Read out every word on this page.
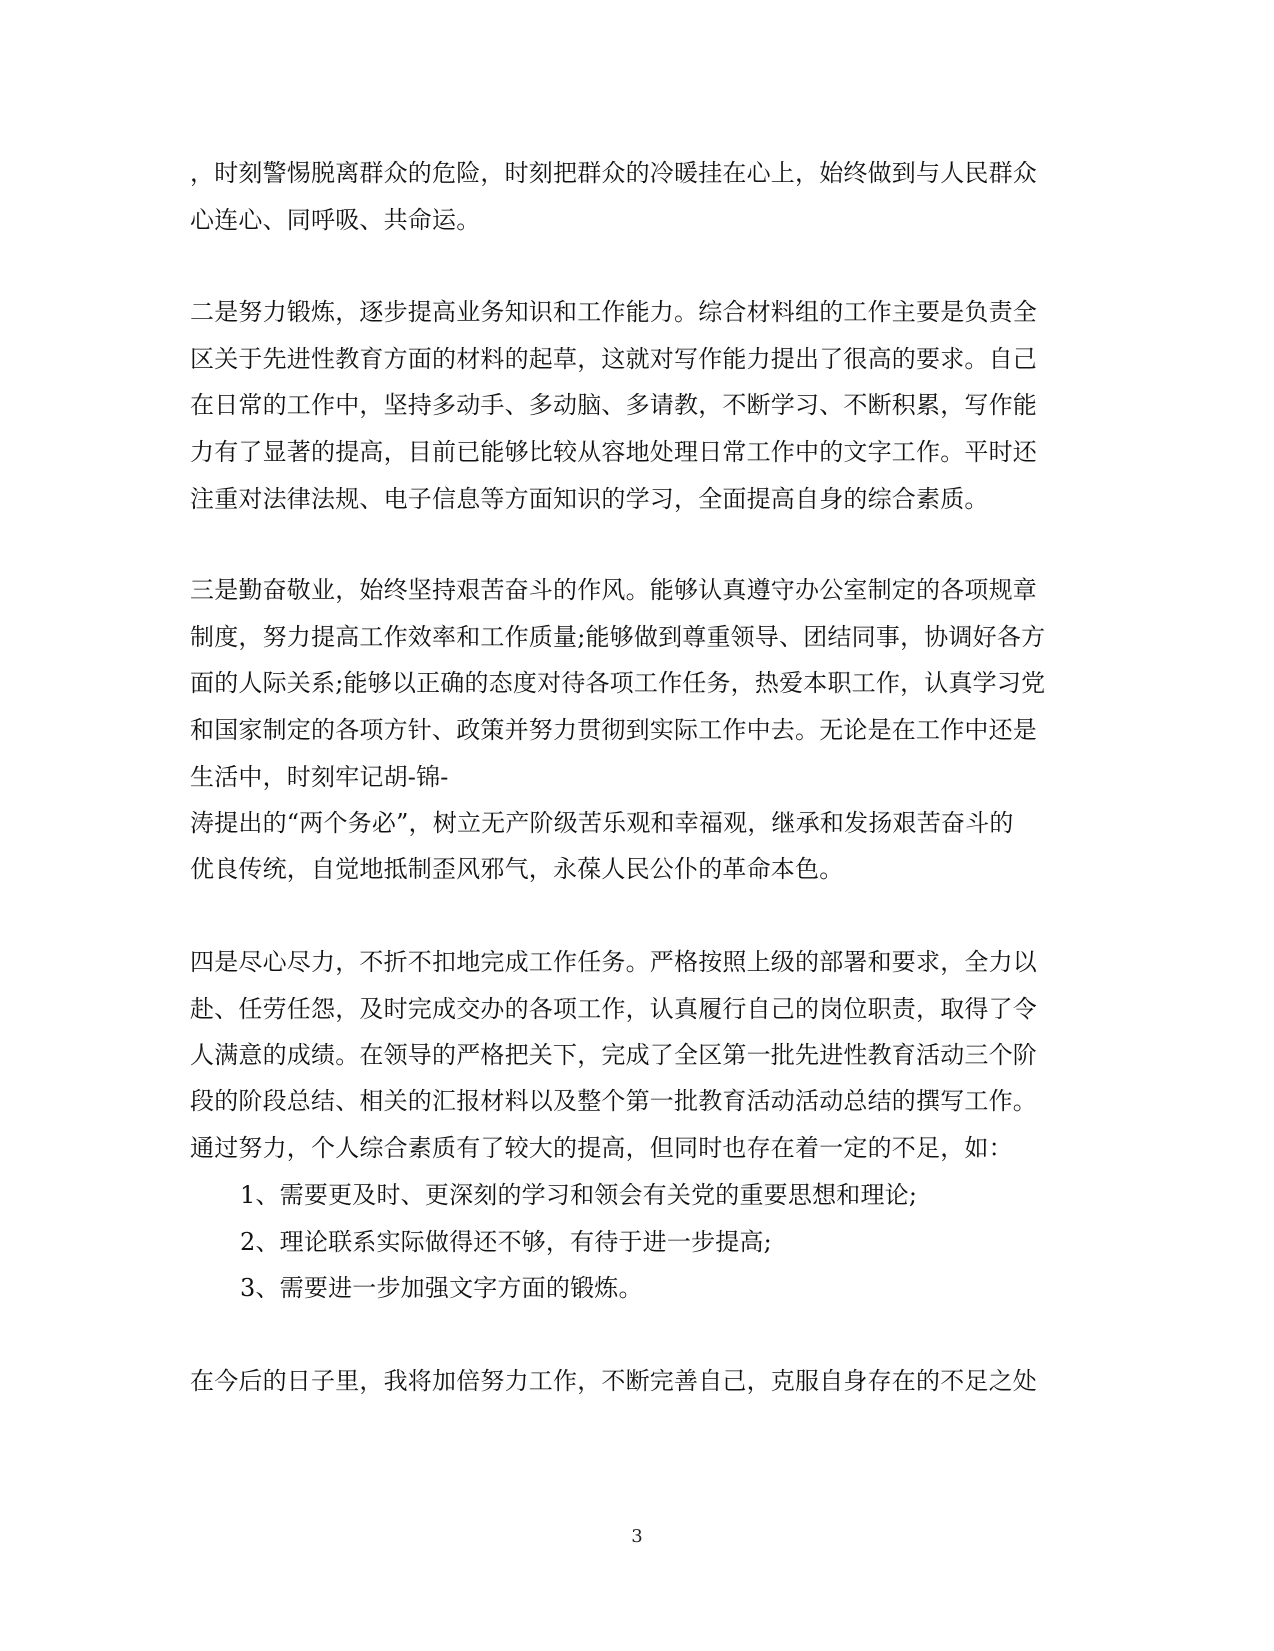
，时刻警惕脱离群众的危险，时刻把群众的冷暖挂在心上，始终做到与人民群众
心连心、同呼吸、共命运。
二是努力锻炼，逐步提高业务知识和工作能力。综合材料组的工作主要是负责全
区关于先进性教育方面的材料的起草，这就对写作能力提出了很高的要求。自己
在日常的工作中，坚持多动手、多动脑、多请教，不断学习、不断积累，写作能
力有了显著的提高，目前已能够比较从容地处理日常工作中的文字工作。平时还
注重对法律法规、电子信息等方面知识的学习，全面提高自身的综合素质。
三是勤奋敬业，始终坚持艰苦奋斗的作风。能够认真遵守办公室制定的各项规章
制度，努力提高工作效率和工作质量;能够做到尊重领导、团结同事，协调好各方
面的人际关系;能够以正确的态度对待各项工作任务，热爱本职工作，认真学习党
和国家制定的各项方针、政策并努力贯彻到实际工作中去。无论是在工作中还是
生活中，时刻牢记胡-锦-
涛提出的“两个务必”，树立无产阶级苦乐观和幸福观，继承和发扬艰苦奋斗的
优良传统，自觉地抵制歪风邪气，永葆人民公仆的革命本色。
四是尽心尽力，不折不扣地完成工作任务。严格按照上级的部署和要求，全力以
赴、任劳任怨，及时完成交办的各项工作，认真履行自己的岗位职责，取得了令
人满意的成绩。在领导的严格把关下，完成了全区第一批先进性教育活动三个阶
段的阶段总结、相关的汇报材料以及整个第一批教育活动活动总结的撰写工作。
通过努力，个人综合素质有了较大的提高，但同时也存在着一定的不足，如：
1、需要更及时、更深刻的学习和领会有关党的重要思想和理论;
2、理论联系实际做得还不够，有待于进一步提高;
3、需要进一步加强文字方面的锻炼。
在今后的日子里，我将加倍努力工作，不断完善自己，克服自身存在的不足之处
3
